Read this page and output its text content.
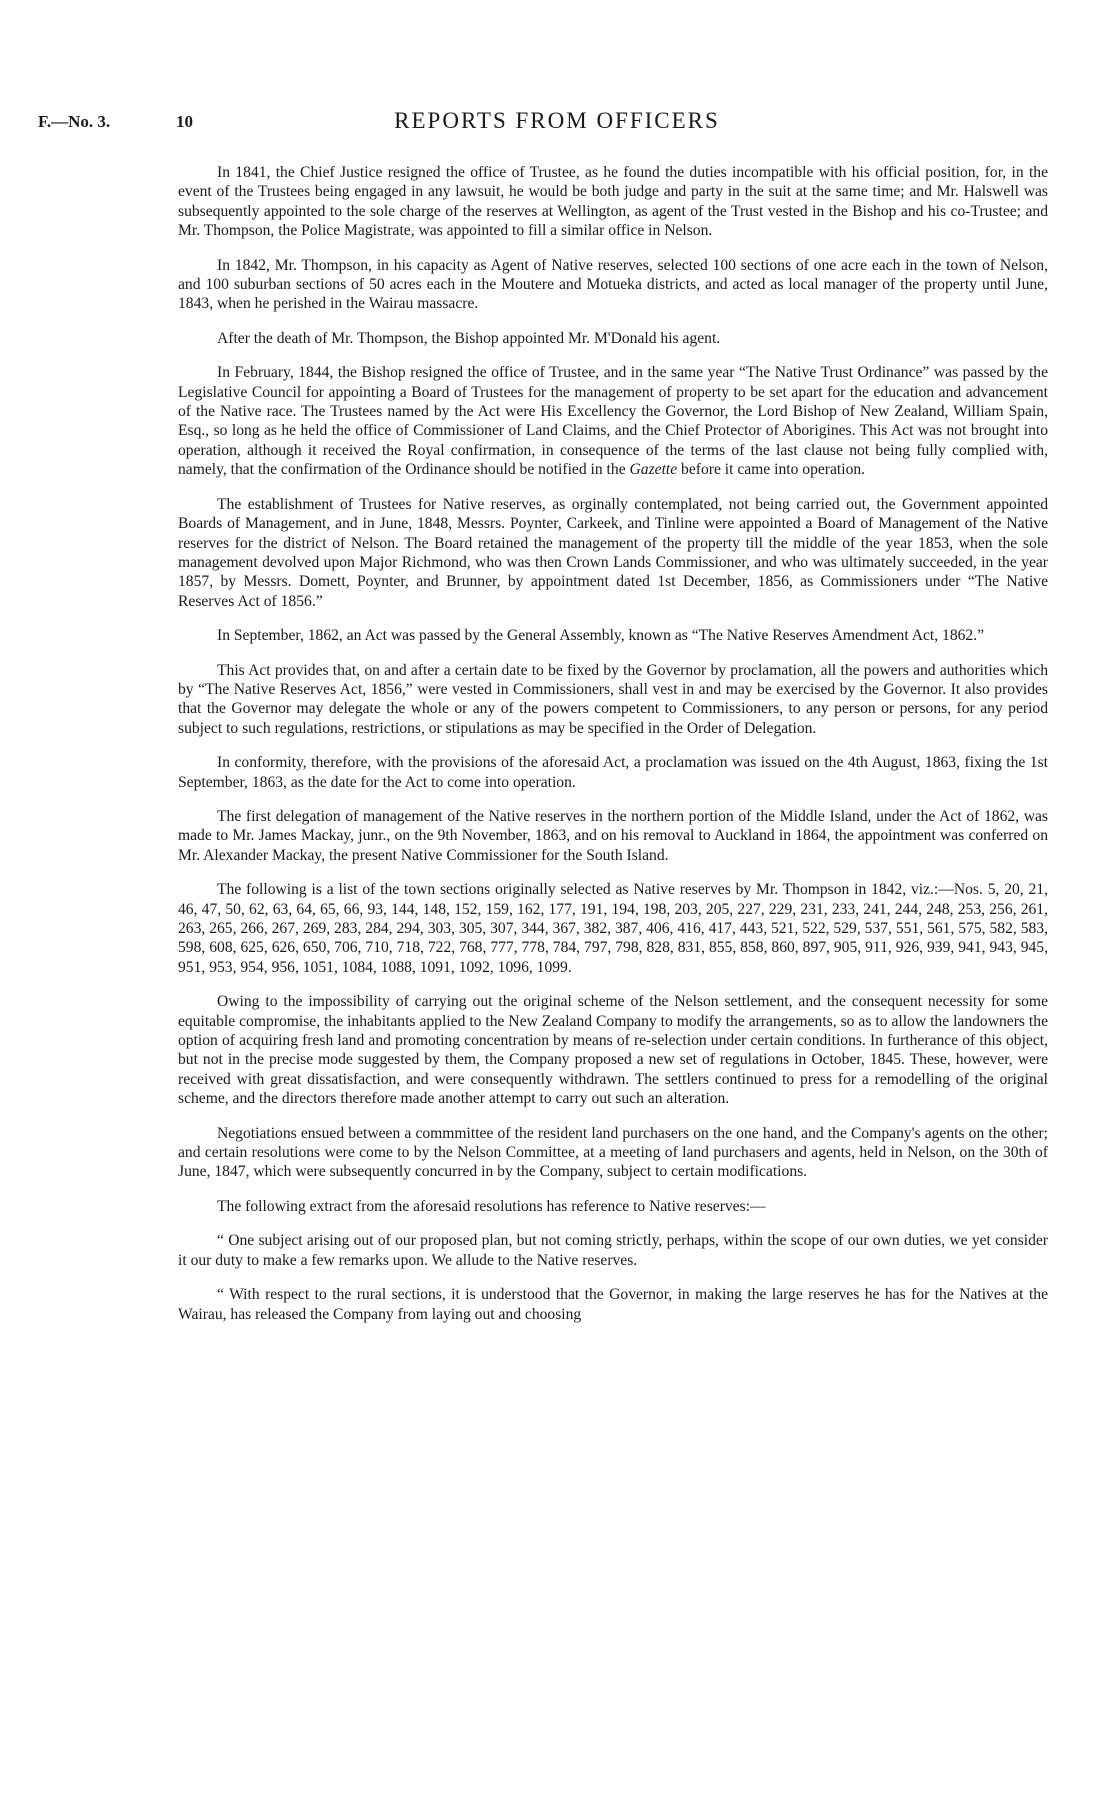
F.—No. 3.	10	REPORTS FROM OFFICERS

In 1841, the Chief Justice resigned the office of Trustee, as he found the duties incompatible with his official position, for, in the event of the Trustees being engaged in any lawsuit, he would be both judge and party in the suit at the same time; and Mr. Halswell was subsequently appointed to the sole charge of the reserves at Wellington, as agent of the Trust vested in the Bishop and his co-Trustee; and Mr. Thompson, the Police Magistrate, was appointed to fill a similar office in Nelson.

In 1842, Mr. Thompson, in his capacity as Agent of Native reserves, selected 100 sections of one acre each in the town of Nelson, and 100 suburban sections of 50 acres each in the Moutere and Motueka districts, and acted as local manager of the property until June, 1843, when he perished in the Wairau massacre.

After the death of Mr. Thompson, the Bishop appointed Mr. M'Donald his agent.

In February, 1844, the Bishop resigned the office of Trustee, and in the same year “The Native Trust Ordinance” was passed by the Legislative Council for appointing a Board of Trustees for the management of property to be set apart for the education and advancement of the Native race. The Trustees named by the Act were His Excellency the Governor, the Lord Bishop of New Zealand, William Spain, Esq., so long as he held the office of Commissioner of Land Claims, and the Chief Protector of Aborigines. This Act was not brought into operation, although it received the Royal confirmation, in consequence of the terms of the last clause not being fully complied with, namely, that the confirmation of the Ordinance should be notified in the Gazette before it came into operation.

The establishment of Trustees for Native reserves, as orginally contemplated, not being carried out, the Government appointed Boards of Management, and in June, 1848, Messrs. Poynter, Carkeek, and Tinline were appointed a Board of Management of the Native reserves for the district of Nelson. The Board retained the management of the property till the middle of the year 1853, when the sole management devolved upon Major Richmond, who was then Crown Lands Commissioner, and who was ultimately succeeded, in the year 1857, by Messrs. Domett, Poynter, and Brunner, by appointment dated 1st December, 1856, as Commissioners under “The Native Reserves Act of 1856.”

In September, 1862, an Act was passed by the General Assembly, known as “The Native Reserves Amendment Act, 1862.”

This Act provides that, on and after a certain date to be fixed by the Governor by proclamation, all the powers and authorities which by “The Native Reserves Act, 1856,” were vested in Commissioners, shall vest in and may be exercised by the Governor. It also provides that the Governor may delegate the whole or any of the powers competent to Commissioners, to any person or persons, for any period subject to such regulations, restrictions, or stipulations as may be specified in the Order of Delegation.

In conformity, therefore, with the provisions of the aforesaid Act, a proclamation was issued on the 4th August, 1863, fixing the 1st September, 1863, as the date for the Act to come into operation.

The first delegation of management of the Native reserves in the northern portion of the Middle Island, under the Act of 1862, was made to Mr. James Mackay, junr., on the 9th November, 1863, and on his removal to Auckland in 1864, the appointment was conferred on Mr. Alexander Mackay, the present Native Commissioner for the South Island.

The following is a list of the town sections originally selected as Native reserves by Mr. Thompson in 1842, viz.:—Nos. 5, 20, 21, 46, 47, 50, 62, 63, 64, 65, 66, 93, 144, 148, 152, 159, 162, 177, 191, 194, 198, 203, 205, 227, 229, 231, 233, 241, 244, 248, 253, 256, 261, 263, 265, 266, 267, 269, 283, 284, 294, 303, 305, 307, 344, 367, 382, 387, 406, 416, 417, 443, 521, 522, 529, 537, 551, 561, 575, 582, 583, 598, 608, 625, 626, 650, 706, 710, 718, 722, 768, 777, 778, 784, 797, 798, 828, 831, 855, 858, 860, 897, 905, 911, 926, 939, 941, 943, 945, 951, 953, 954, 956, 1051, 1084, 1088, 1091, 1092, 1096, 1099.

Owing to the impossibility of carrying out the original scheme of the Nelson settlement, and the consequent necessity for some equitable compromise, the inhabitants applied to the New Zealand Company to modify the arrangements, so as to allow the landowners the option of acquiring fresh land and promoting concentration by means of re-selection under certain conditions. In furtherance of this object, but not in the precise mode suggested by them, the Company proposed a new set of regulations in October, 1845. These, however, were received with great dissatisfaction, and were consequently withdrawn. The settlers continued to press for a remodelling of the original scheme, and the directors therefore made another attempt to carry out such an alteration.

Negotiations ensued between a commmittee of the resident land purchasers on the one hand, and the Company's agents on the other; and certain resolutions were come to by the Nelson Committee, at a meeting of land purchasers and agents, held in Nelson, on the 30th of June, 1847, which were subsequently concurred in by the Company, subject to certain modifications.

The following extract from the aforesaid resolutions has reference to Native reserves:—

“ One subject arising out of our proposed plan, but not coming strictly, perhaps, within the scope of our own duties, we yet consider it our duty to make a few remarks upon. We allude to the Native reserves.

“ With respect to the rural sections, it is understood that the Governor, in making the large reserves he has for the Natives at the Wairau, has released the Company from laying out and choosing
